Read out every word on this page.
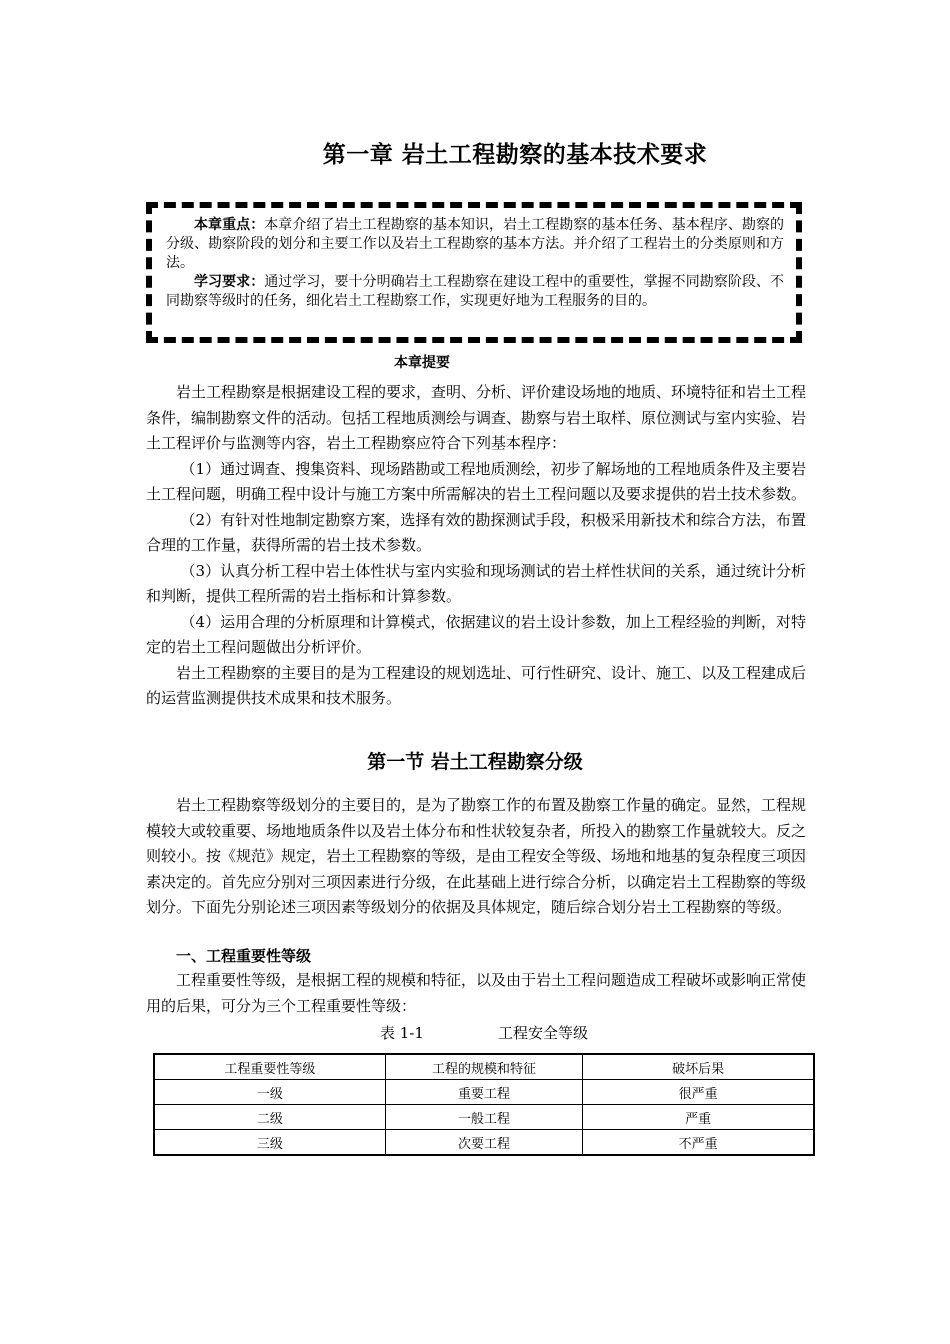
第一章 岩土工程勘察的基本技术要求

本章重点：本章介绍了岩土工程勘察的基本知识，岩土工程勘察的基本任务、基本程序、勘察的分级、勘察阶段的划分和主要工作以及岩土工程勘察的基本方法。并介绍了工程岩土的分类原则和方法。

学习要求：通过学习，要十分明确岩土工程勘察在建设工程中的重要性，掌握不同勘察阶段、不同勘察等级时的任务，细化岩土工程勘察工作，实现更好地为工程服务的目的。

本章提要

岩土工程勘察是根据建设工程的要求，查明、分析、评价建设场地的地质、环境特征和岩土工程条件，编制勘察文件的活动。包括工程地质测绘与调查、勘察与岩土取样、原位测试与室内实验、岩土工程评价与监测等内容，岩土工程勘察应符合下列基本程序：

（1）通过调查、搜集资料、现场踏勘或工程地质测绘，初步了解场地的工程地质条件及主要岩土工程问题，明确工程中设计与施工方案中所需解决的岩土工程问题以及要求提供的岩土技术参数。

（2）有针对性地制定勘察方案，选择有效的勘探测试手段，积极采用新技术和综合方法，布置合理的工作量，获得所需的岩土技术参数。

（3）认真分析工程中岩土体性状与室内实验和现场测试的岩土样性状间的关系，通过统计分析和判断，提供工程所需的岩土指标和计算参数。

（4）运用合理的分析原理和计算模式，依据建议的岩土设计参数，加上工程经验的判断，对特定的岩土工程问题做出分析评价。

岩土工程勘察的主要目的是为工程建设的规划选址、可行性研究、设计、施工、以及工程建成后的运营监测提供技术成果和技术服务。

第一节 岩土工程勘察分级

岩土工程勘察等级划分的主要目的，是为了勘察工作的布置及勘察工作量的确定。显然，工程规模较大或较重要、场地地质条件以及岩土体分布和性状较复杂者，所投入的勘察工作量就较大。反之则较小。按《规范》规定，岩土工程勘察的等级，是由工程安全等级、场地和地基的复杂程度三项因素决定的。首先应分别对三项因素进行分级，在此基础上进行综合分析，以确定岩土工程勘察的等级划分。下面先分别论述三项因素等级划分的依据及具体规定，随后综合划分岩土工程勘察的等级。

一、工程重要性等级

工程重要性等级，是根据工程的规模和特征，以及由于岩土工程问题造成工程破坏或影响正常使用的后果，可分为三个工程重要性等级：

表 1-1	工程安全等级
工程重要性等级	工程的规模和特征	破坏后果
一级	重要工程	很严重
二级	一般工程	严重
三级	次要工程	不严重
